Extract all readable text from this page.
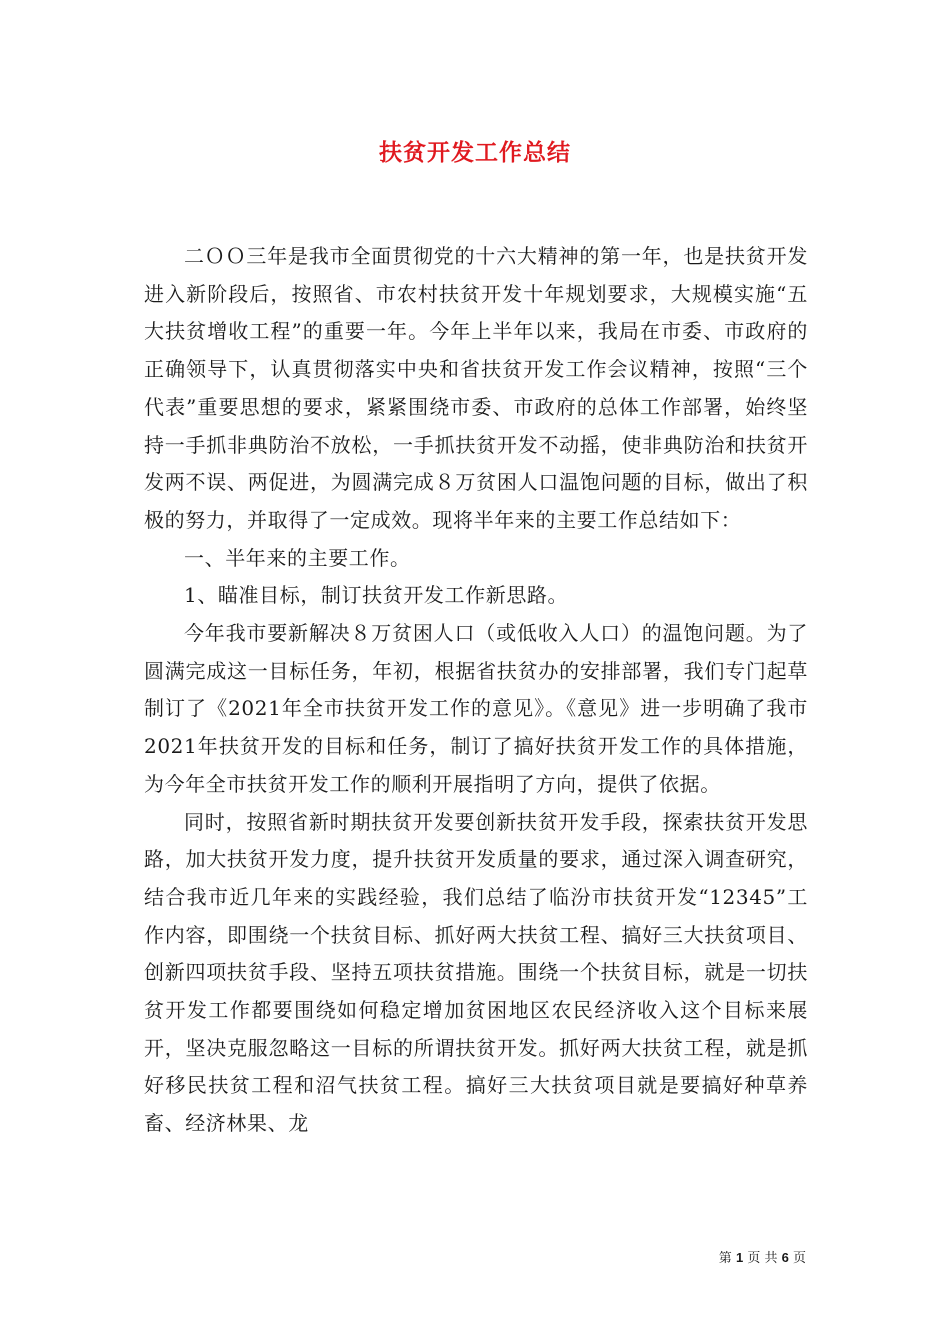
扶贫开发工作总结

二ＯＯ三年是我市全面贯彻党的十六大精神的第一年，也是扶贫开发进入新阶段后，按照省、市农村扶贫开发十年规划要求，大规模实施“五大扶贫增收工程”的重要一年。今年上半年以来，我局在市委、市政府的正确领导下，认真贯彻落实中央和省扶贫开发工作会议精神，按照“三个代表”重要思想的要求，紧紧围绕市委、市政府的总体工作部署，始终坚持一手抓非典防治不放松，一手抓扶贫开发不动摇，使非典防治和扶贫开发两不误、两促进，为圆满完成８万贫困人口温饱问题的目标，做出了积极的努力，并取得了一定成效。现将半年来的主要工作总结如下：

一、半年来的主要工作。

1、瞄准目标，制订扶贫开发工作新思路。

今年我市要新解决８万贫困人口（或低收入人口）的温饱问题。为了圆满完成这一目标任务，年初，根据省扶贫办的安排部署，我们专门起草制订了《2021年全市扶贫开发工作的意见》。《意见》进一步明确了我市2021年扶贫开发的目标和任务，制订了搞好扶贫开发工作的具体措施，为今年全市扶贫开发工作的顺利开展指明了方向，提供了依据。

同时，按照省新时期扶贫开发要创新扶贫开发手段，探索扶贫开发思路，加大扶贫开发力度，提升扶贫开发质量的要求，通过深入调查研究，结合我市近几年来的实践经验，我们总结了临汾市扶贫开发“12345”工作内容，即围绕一个扶贫目标、抓好两大扶贫工程、搞好三大扶贫项目、创新四项扶贫手段、坚持五项扶贫措施。围绕一个扶贫目标，就是一切扶贫开发工作都要围绕如何稳定增加贫困地区农民经济收入这个目标来展开，坚决克服忽略这一目标的所谓扶贫开发。抓好两大扶贫工程，就是抓好移民扶贫工程和沼气扶贫工程。搞好三大扶贫项目就是要搞好种草养畜、经济林果、龙

第 1 页 共 6 页
